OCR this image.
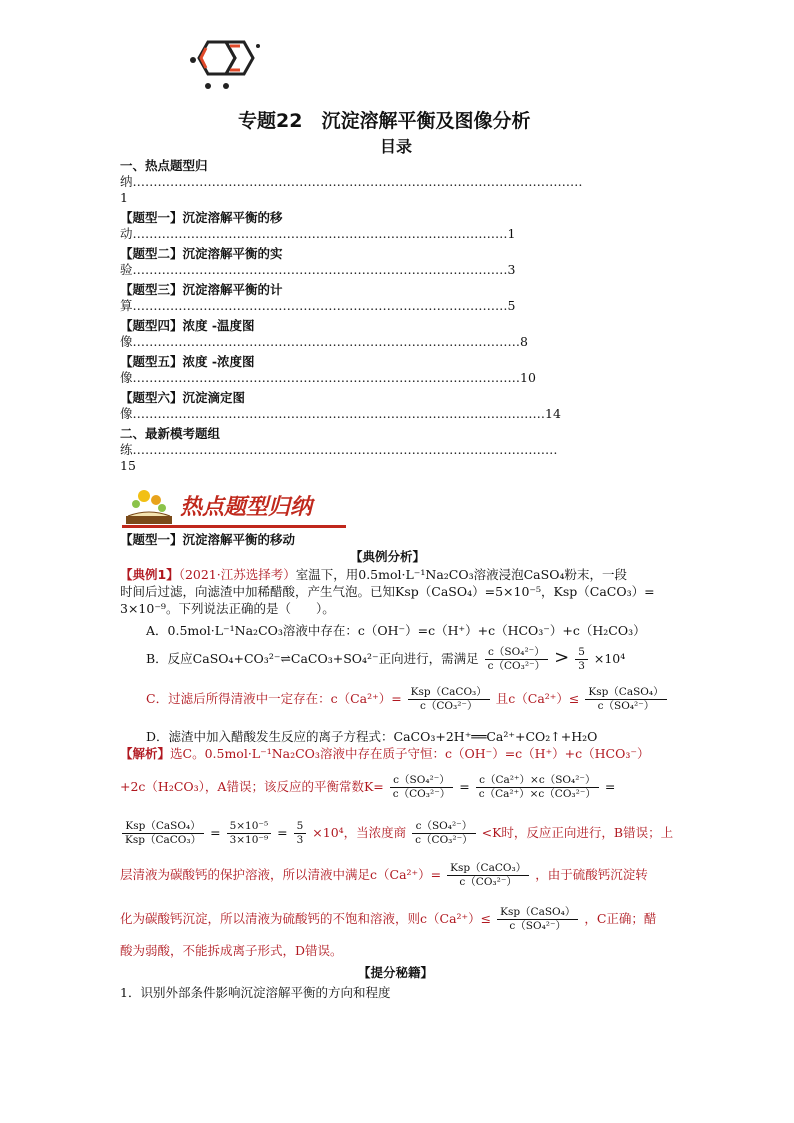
专题22　沉淀溶解平衡及图像分析
目录
一、热点题型归
纳………………………………………………………………………………………………
1
【题型一】沉淀溶解平衡的移
动………………………………………………………………………………1
【题型二】沉淀溶解平衡的实
验………………………………………………………………………………3
【题型三】沉淀溶解平衡的计
算………………………………………………………………………………5
【题型四】浓度 -温度图
像…………………………………………………………………………………8
【题型五】浓度 -浓度图
像…………………………………………………………………………………10
【题型六】沉淀滴定图
像………………………………………………………………………………………14
二、最新模考题组
练…………………………………………………………………………………………
15
热点题型归纳
【题型一】沉淀溶解平衡的移动
【典例分析】
【典例1】（2021·江苏选择考）室温下，用0.5mol·L⁻¹Na₂CO₃溶液浸泡CaSO₄粉末，一段
时间后过滤，向滤渣中加稀醋酸，产生气泡。已知Ksp（CaSO₄）=5×10⁻⁵，Ksp（CaCO₃）=
3×10⁻⁹。下列说法正确的是（　　）。
A．0.5mol·L⁻¹Na₂CO₃溶液中存在：c（OH⁻）=c（H⁺）+c（HCO₃⁻）+c（H₂CO₃）
B．反应CaSO₄+CO₃²⁻⇌CaCO₃+SO₄²⁻正向进行，需满足 $\frac{\text{c（SO₄²⁻）}}{\text{c（CO₃²⁻）}} > \frac{5}{3} \times 10^4$
C．过滤后所得清液中一定存在：$c(Ca^{2+})= \frac{\text{Ksp（CaCO₃）}}{\text{c（CO₃²⁻）}}$ 且$c(Ca^{2+})\le \frac{\text{Ksp（CaSO₄）}}{\text{c（SO₄²⁻）}}$
D．滤渣中加入醋酸发生反应的离子方程式：CaCO₃+2H⁺══Ca²⁺+CO₂↑+H₂O
【解析】选C。0.5mol·L⁻¹Na₂CO₃溶液中存在质子守恒：c（OH⁻）=c（H⁺）+c（HCO₃⁻）
+2c（H₂CO₃），A错误；该反应的平衡常数$K= \frac{\text{c（SO₄²⁻）}}{\text{c（CO₃²⁻）}} = \frac{\text{c（Ca²⁺）×c（SO₄²⁻）}}{\text{c（Ca²⁺）×c（CO₃²⁻）}}$ =
$\frac{\text{Ksp（CaSO₄）}}{\text{Ksp（CaCO₃）}} = \frac{\text{5×10⁻⁵}}{\text{3×10⁻⁹}} = \frac{5}{3} \times 10^4$，当浓度商 $\frac{\text{c（SO₄²⁻）}}{\text{c（CO₃²⁻）}} <K$时，反应正向进行，B错误；上
层清液为碳酸钙的保护溶液，所以清液中满足$c(Ca^{2+})= \frac{\text{Ksp（CaCO₃）}}{\text{c（CO₃²⁻）}}$ ，由于硫酸钙沉淀转
化为碳酸钙沉淀，所以清液为硫酸钙的不饱和溶液，则$c(Ca^{2+})\le \frac{\text{Ksp（CaSO₄）}}{\text{c（SO₄²⁻）}}$ ，C正确；醋
酸为弱酸，不能拆成离子形式，D错误。
【提分秘籍】
1．识别外部条件影响沉淀溶解平衡的方向和程度
